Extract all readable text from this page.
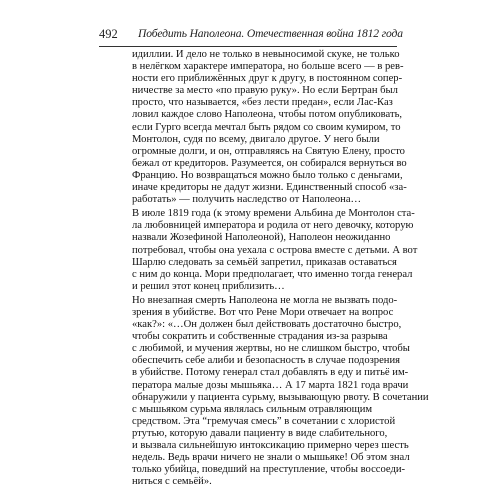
492 Победить Наполеона. Отечественная война 1812 года
идиллии. И дело не только в невыносимой скуке, не только
в нелёгком характере императора, но больше всего — в рев-
ности его приближённых друг к другу, в постоянном сопер-
ничестве за место «по правую руку». Но если Бертран был
просто, что называется, «без лести предан», если Лас-Каз
ловил каждое слово Наполеона, чтобы потом опубликовать,
если Гурго всегда мечтал быть рядом со своим кумиром, то
Монтолон, судя по всему, двигало другое. У него были
огромные долги, и он, отправляясь на Святую Елену, просто
бежал от кредиторов. Разумеется, он собирался вернуться во
Францию. Но возвращаться можно было только с деньгами,
иначе кредиторы не дадут жизни. Единственный способ «за-
работать» — получить наследство от Наполеона…
В июле 1819 года (к этому времени Альбина де Монтолон ста-
ла любовницей императора и родила от него девочку, которую
назвали Жозефиной Наполеоной), Наполеон неожиданно
потребовал, чтобы она уехала с острова вместе с детьми. А вот
Шарлю следовать за семьёй запретил, приказав оставаться
с ним до конца. Мори предполагает, что именно тогда генерал
и решил этот конец приблизить…
Но внезапная смерть Наполеона не могла не вызвать подо-
зрения в убийстве. Вот что Рене Мори отвечает на вопрос
«как?»: «…Он должен был действовать достаточно быстро,
чтобы сократить и собственные страдания из-за разрыва
с любимой, и мучения жертвы, но не слишком быстро, чтобы
обеспечить себе алиби и безопасность в случае подозрения
в убийстве. Потому генерал стал добавлять в еду и питьё им-
ператора малые дозы мышьяка… А 17 марта 1821 года врачи
обнаружили у пациента сурьму, вызывающую рвоту. В сочетании
с мышьяком сурьма являлась сильным отравляющим
средством. Эта “гремучая смесь” в сочетании с хлористой
ртутью, которую давали пациенту в виде слабительного,
и вызвала сильнейшую интоксикацию примерно через шесть
недель. Ведь врачи ничего не знали о мышьяке! Об этом знал
только убийца, поведший на преступление, чтобы воссоеди-
ниться с семьёй».
